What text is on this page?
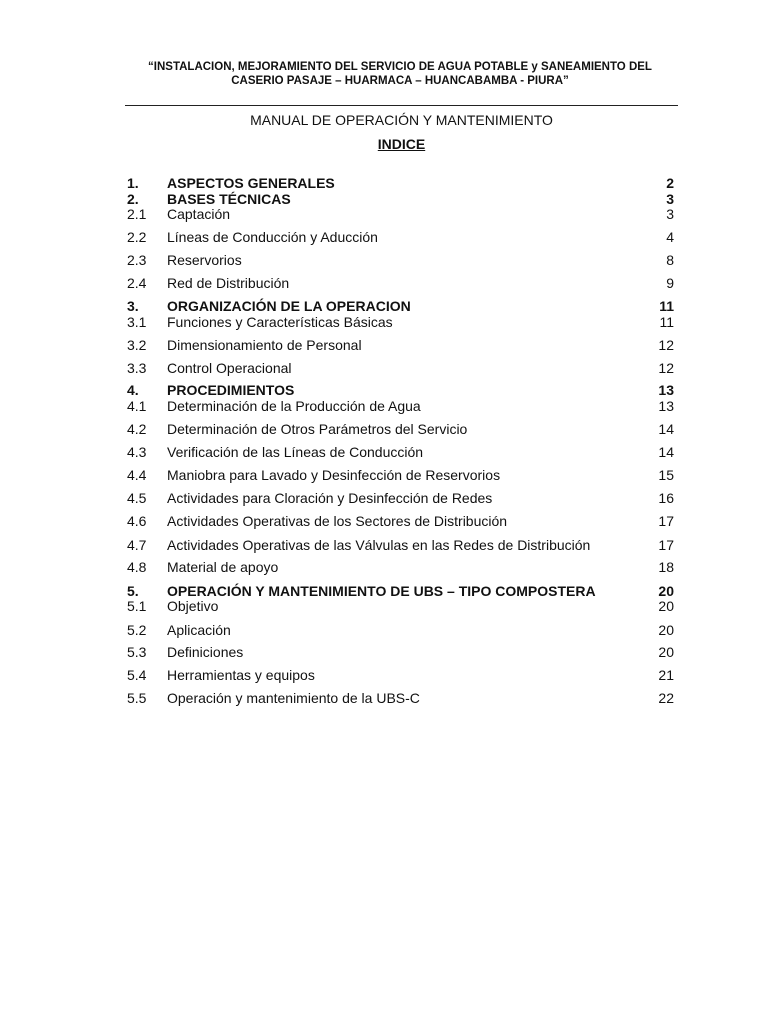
“INSTALACION, MEJORAMIENTO DEL SERVICIO DE AGUA POTABLE y SANEAMIENTO DEL
CASERIO PASAJE – HUARMACA – HUANCABAMBA - PIURA”
MANUAL DE OPERACIÓN Y MANTENIMIENTO
INDICE
1. ASPECTOS GENERALES	2
2. BASES TÉCNICAS	3
2.1 Captación	3
2.2 Líneas de Conducción y Aducción	4
2.3 Reservorios	8
2.4 Red de Distribución	9
3. ORGANIZACIÓN DE LA OPERACION	11
3.1 Funciones y Características Básicas	11
3.2 Dimensionamiento de Personal	12
3.3 Control Operacional	12
4. PROCEDIMIENTOS	13
4.1 Determinación de la Producción de Agua	13
4.2 Determinación de Otros Parámetros del Servicio	14
4.3 Verificación de las Líneas de Conducción	14
4.4 Maniobra para Lavado y Desinfección de Reservorios	15
4.5 Actividades para Cloración y Desinfección de Redes	16
4.6 Actividades Operativas de los Sectores de Distribución	17
4.7 Actividades Operativas de las Válvulas en las Redes de Distribución	17
4.8 Material de apoyo	18
5. OPERACIÓN Y MANTENIMIENTO DE UBS – TIPO COMPOSTERA	20
5.1 Objetivo	20
5.2 Aplicación	20
5.3 Definiciones	20
5.4 Herramientas y equipos	21
5.5 Operación y mantenimiento de la UBS-C	22
